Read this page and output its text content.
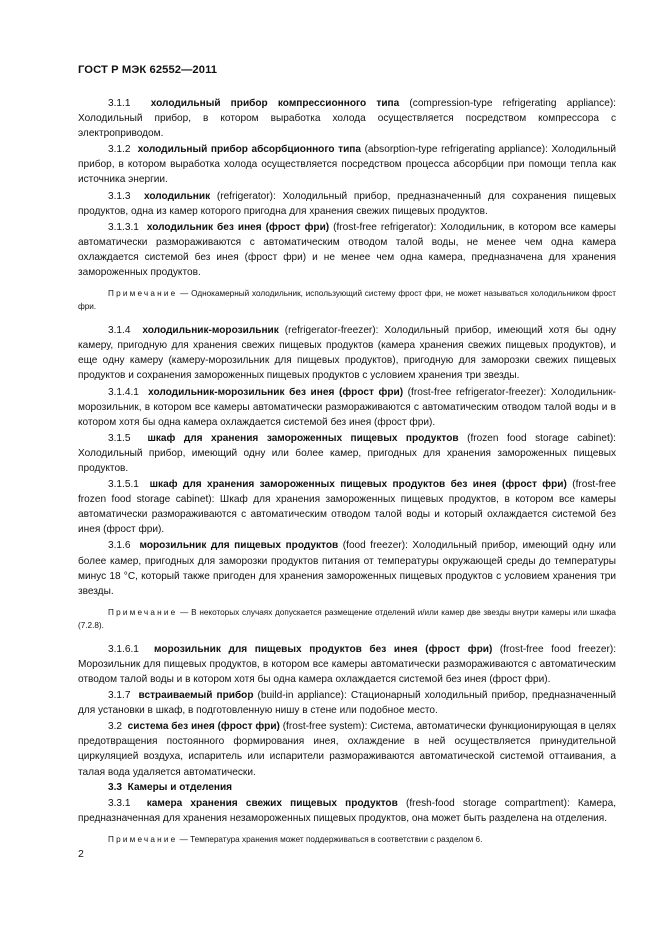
ГОСТ Р МЭК 62552—2011

3.1.1 холодильный прибор компрессионного типа (compression-type refrigerating appliance): Холодильный прибор, в котором выработка холода осуществляется посредством компрессора с электроприводом.

3.1.2 холодильный прибор абсорбционного типа (absorption-type refrigerating appliance): Холодильный прибор, в котором выработка холода осуществляется посредством процесса абсорбции при помощи тепла как источника энергии.

3.1.3 холодильник (refrigerator): Холодильный прибор, предназначенный для сохранения пищевых продуктов, одна из камер которого пригодна для хранения свежих пищевых продуктов.

3.1.3.1 холодильник без инея (фрост фри) (frost-free refrigerator): Холодильник, в котором все камеры автоматически размораживаются с автоматическим отводом талой воды, не менее чем одна камера охлаждается системой без инея (фрост фри) и не менее чем одна камера, предназначена для хранения замороженных продуктов.

Примечание — Однокамерный холодильник, использующий систему фрост фри, не может называться холодильником фрост фри.

3.1.4 холодильник-морозильник (refrigerator-freezer): Холодильный прибор, имеющий хотя бы одну камеру, пригодную для хранения свежих пищевых продуктов (камера хранения свежих пищевых продуктов), и еще одну камеру (камеру-морозильник для пищевых продуктов), пригодную для заморозки свежих пищевых продуктов и сохранения замороженных пищевых продуктов с условием хранения три звезды.

3.1.4.1 холодильник-морозильник без инея (фрост фри) (frost-free refrigerator-freezer): Холодильник-морозильник, в котором все камеры автоматически размораживаются с автоматическим отводом талой воды и в котором хотя бы одна камера охлаждается системой без инея (фрост фри).

3.1.5 шкаф для хранения замороженных пищевых продуктов (frozen food storage cabinet): Холодильный прибор, имеющий одну или более камер, пригодных для хранения замороженных пищевых продуктов.

3.1.5.1 шкаф для хранения замороженных пищевых продуктов без инея (фрост фри) (frost-free frozen food storage cabinet): Шкаф для хранения замороженных пищевых продуктов, в котором все камеры автоматически размораживаются с автоматическим отводом талой воды и который охлаждается системой без инея (фрост фри).

3.1.6 морозильник для пищевых продуктов (food freezer): Холодильный прибор, имеющий одну или более камер, пригодных для заморозки продуктов питания от температуры окружающей среды до температуры минус 18 °С, который также пригоден для хранения замороженных пищевых продуктов с условием хранения три звезды.

Примечание — В некоторых случаях допускается размещение отделений и/или камер две звезды внутри камеры или шкафа (7.2.8).

3.1.6.1 морозильник для пищевых продуктов без инея (фрост фри) (frost-free food freezer): Морозильник для пищевых продуктов, в котором все камеры автоматически размораживаются с автоматическим отводом талой воды и в котором хотя бы одна камера охлаждается системой без инея (фрост фри).

3.1.7 встраиваемый прибор (build-in appliance): Стационарный холодильный прибор, предназначенный для установки в шкаф, в подготовленную нишу в стене или подобное место.

3.2 система без инея (фрост фри) (frost-free system): Система, автоматически функционирующая в целях предотвращения постоянного формирования инея, охлаждение в ней осуществляется принудительной циркуляцией воздуха, испаритель или испарители размораживаются автоматической системой оттаивания, а талая вода удаляется автоматически.

3.3 Камеры и отделения

3.3.1 камера хранения свежих пищевых продуктов (fresh-food storage compartment): Камера, предназначенная для хранения незамороженных пищевых продуктов, она может быть разделена на отделения.

Примечание — Температура хранения может поддерживаться в соответствии с разделом 6.

2
